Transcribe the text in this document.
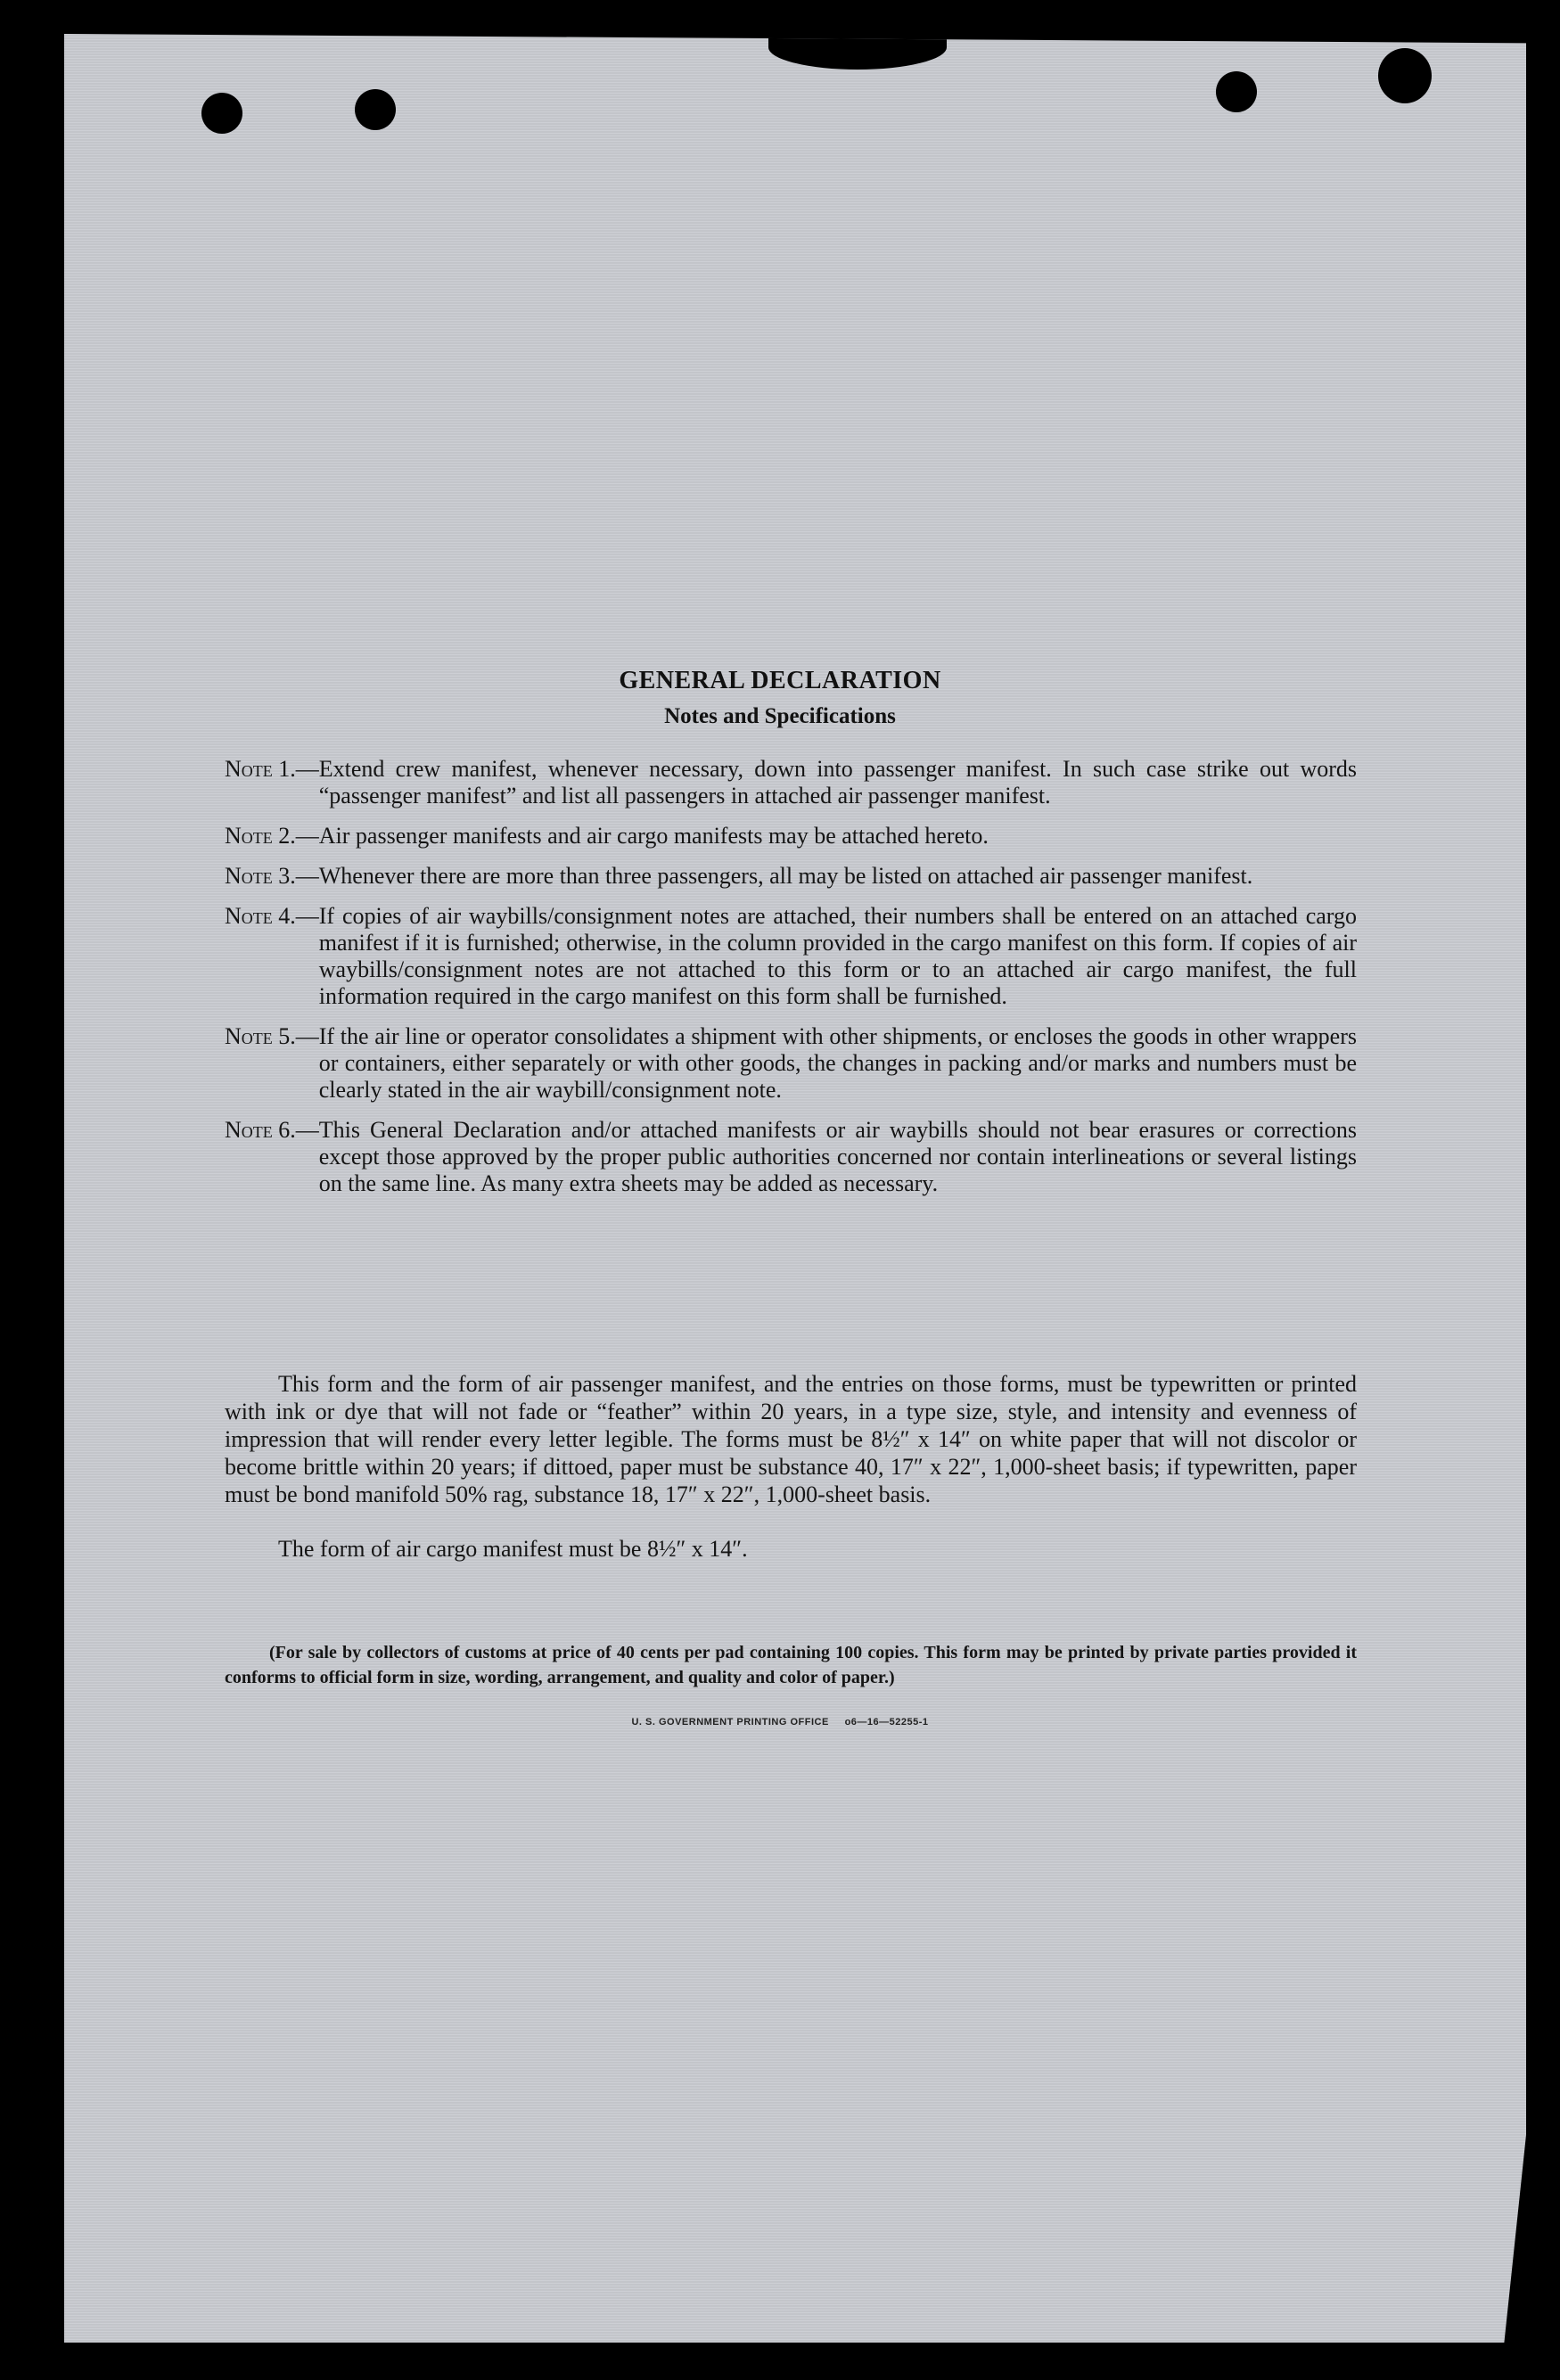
GENERAL DECLARATION
Notes and Specifications
Note 1. — Extend crew manifest, whenever necessary, down into passenger manifest. In such case strike out words “passenger manifest” and list all passengers in attached air passenger manifest.
Note 2. — Air passenger manifests and air cargo manifests may be attached hereto.
Note 3. — Whenever there are more than three passengers, all may be listed on attached air passenger manifest.
Note 4. — If copies of air waybills/consignment notes are attached, their numbers shall be entered on an attached cargo manifest if it is furnished; otherwise, in the column provided in the cargo manifest on this form. If copies of air waybills/consignment notes are not attached to this form or to an attached air cargo manifest, the full information required in the cargo manifest on this form shall be furnished.
Note 5. — If the air line or operator consolidates a shipment with other shipments, or encloses the goods in other wrappers or containers, either separately or with other goods, the changes in packing and/or marks and numbers must be clearly stated in the air waybill/consignment note.
Note 6. — This General Declaration and/or attached manifests or air waybills should not bear erasures or corrections except those approved by the proper public authorities concerned nor contain interlineations or several listings on the same line. As many extra sheets may be added as necessary.

This form and the form of air passenger manifest, and the entries on those forms, must be typewritten or printed with ink or dye that will not fade or “feather” within 20 years, in a type size, style, and intensity and evenness of impression that will render every letter legible. The forms must be 8½″ x 14″ on white paper that will not discolor or become brittle within 20 years; if dittoed, paper must be substance 40, 17″ x 22″, 1,000-sheet basis; if typewritten, paper must be bond manifold 50% rag, substance 18, 17″ x 22″, 1,000-sheet basis.

The form of air cargo manifest must be 8½″ x 14″.

(For sale by collectors of customs at price of 40 cents per pad containing 100 copies. This form may be printed by private parties provided it conforms to official form in size, wording, arrangement, and quality and color of paper.)

U. S. GOVERNMENT PRINTING OFFICE     o6—16—52255-1
